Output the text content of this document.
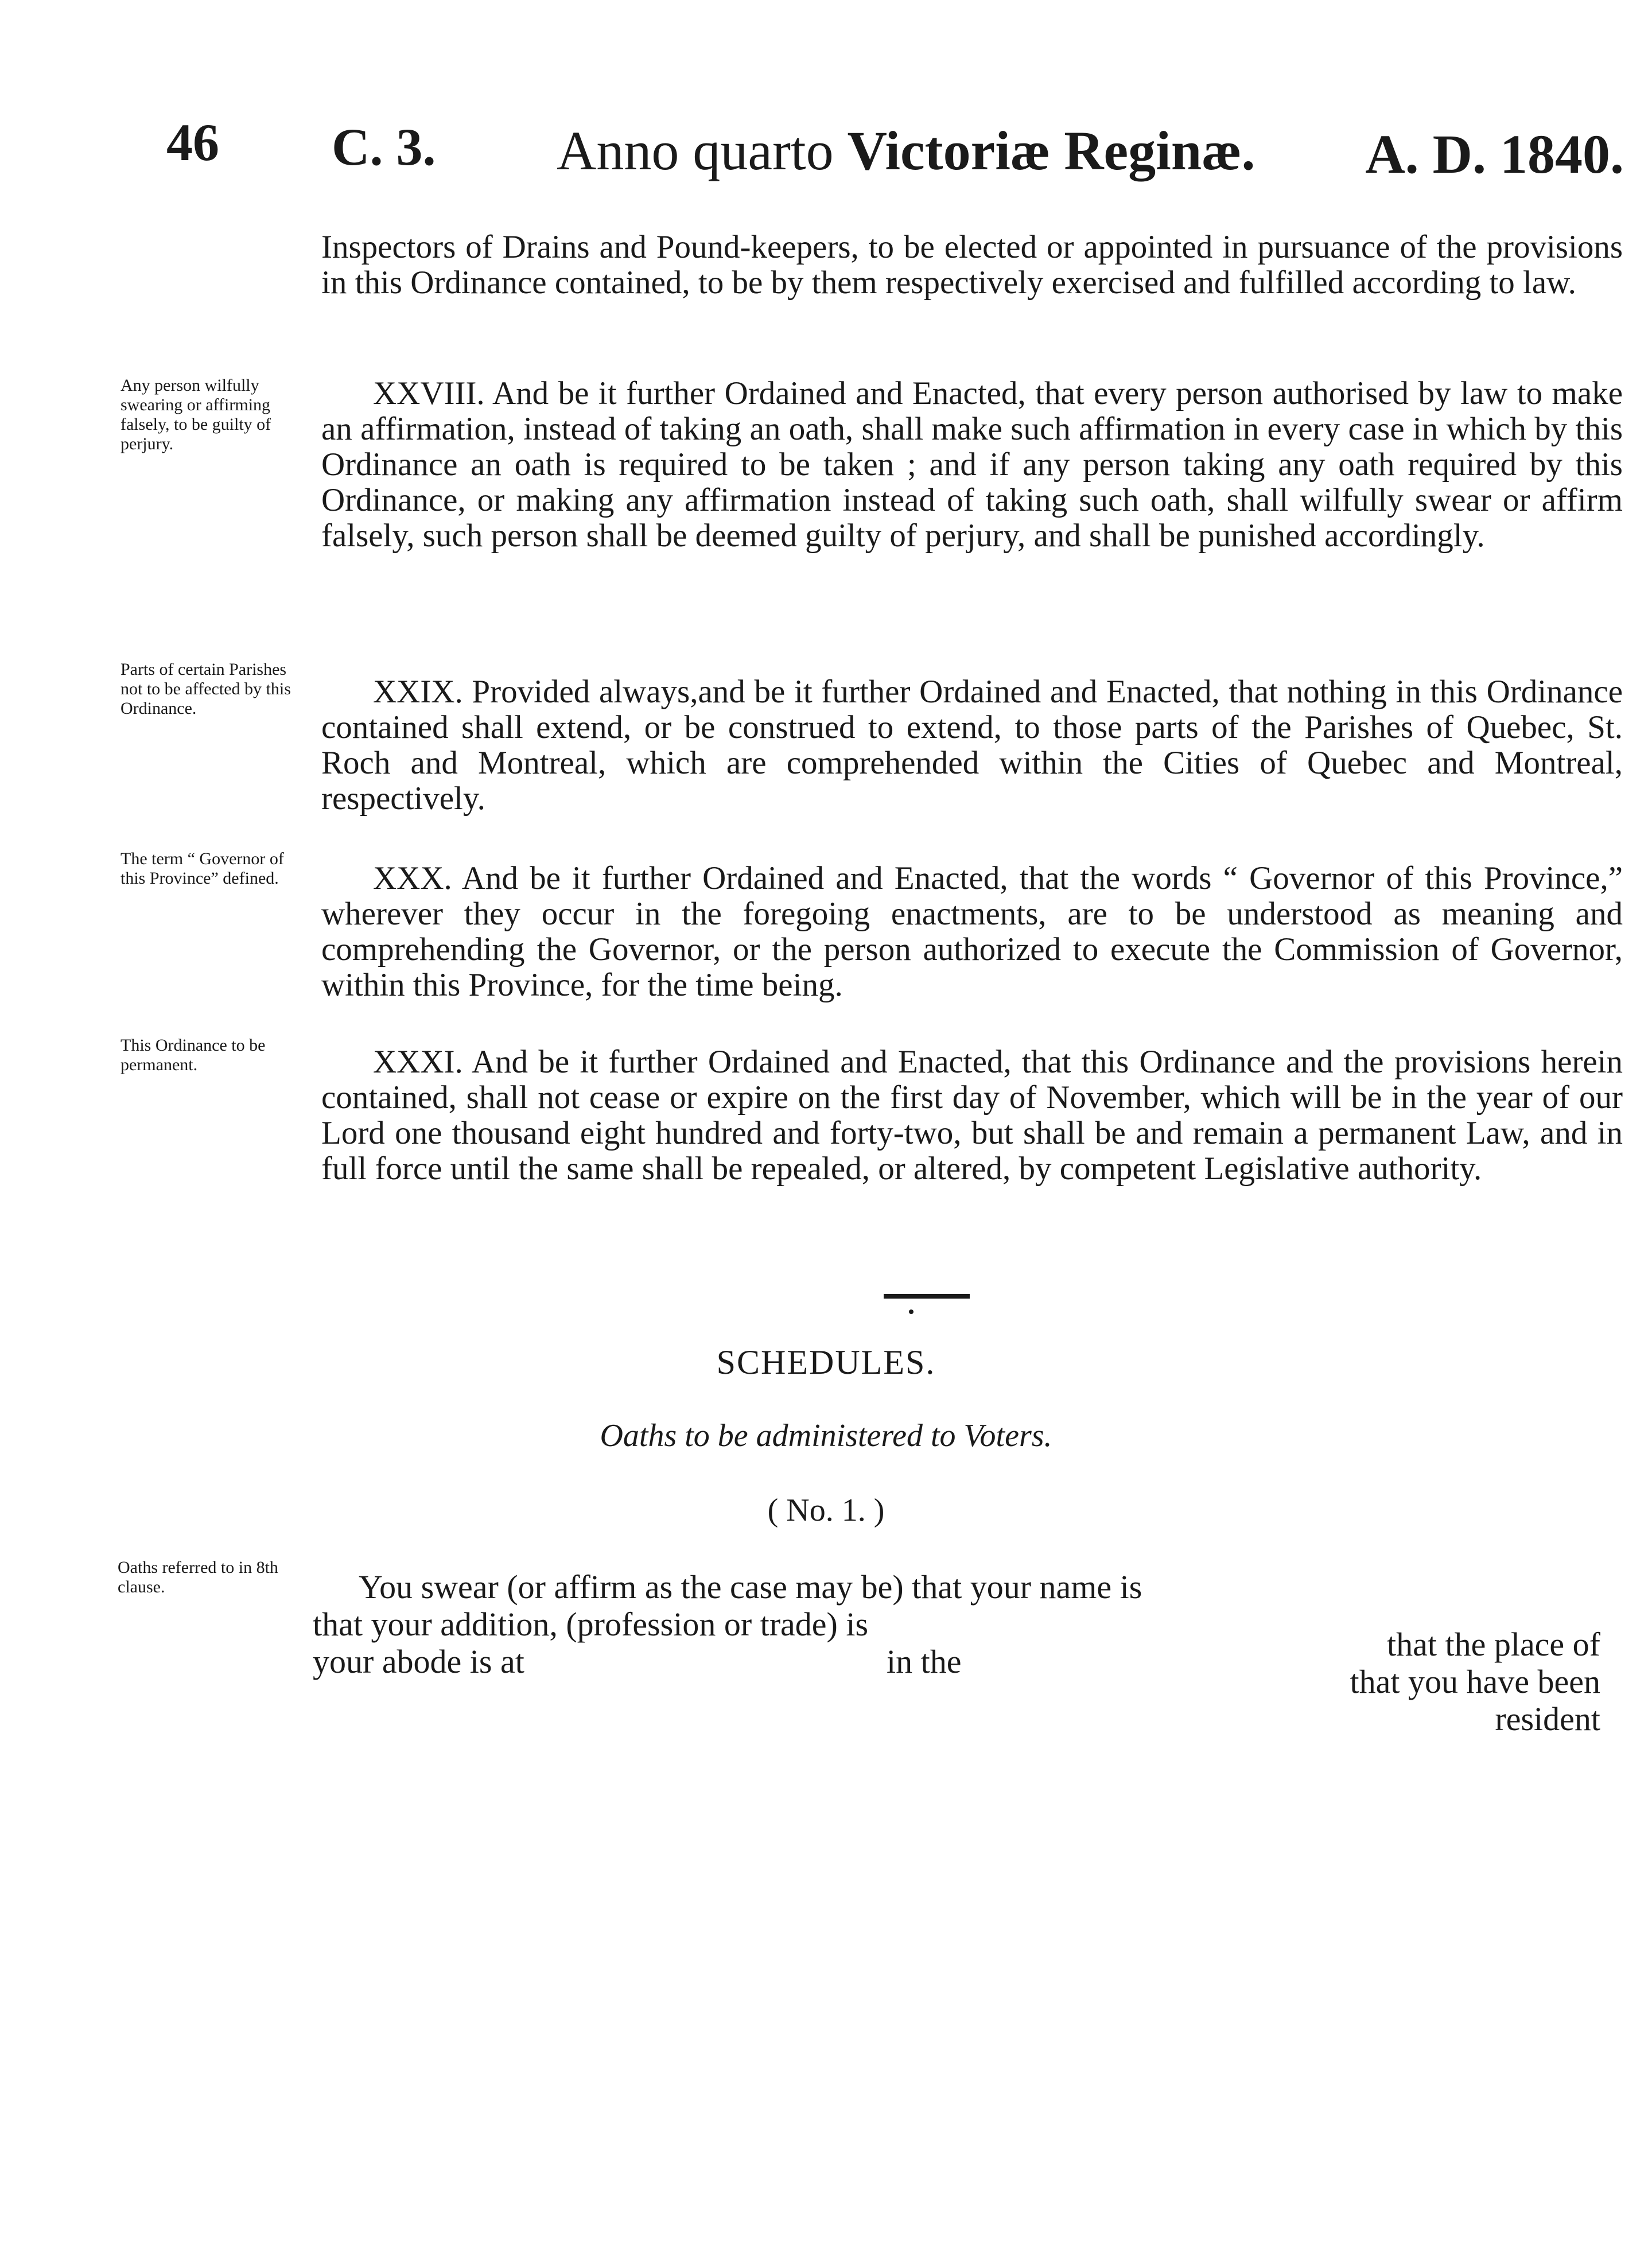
46 C. 3. Anno quarto Victoriæ Reginæ. A. D. 1840.

Inspectors of Drains and Pound-keepers, to be elected or appointed in pursuance of the provisions in this Ordinance contained, to be by them respectively exercised and fulfilled according to law.

Any person wilfully swearing or affirming falsely, to be guilty of perjury.

XXVIII. And be it further Ordained and Enacted, that every person authorised by law to make an affirmation, instead of taking an oath, shall make such affirmation in every case in which by this Ordinance an oath is required to be taken ; and if any person taking any oath required by this Ordinance, or making any affirmation instead of taking such oath, shall wilfully swear or affirm falsely, such person shall be deemed guilty of perjury, and shall be punished accordingly.

Parts of certain Parishes not to be affected by this Ordinance.	XXIX. Provided always,and be it further Ordained and Enacted, that nothing in this Ordinance contained shall extend, or be construed to extend, to those parts of the Parishes of Quebec, St. Roch and Montreal, which are comprehended within the Cities of Quebec and Montreal, respectively.

The term “ Governor of this Province” defined.	XXX. And be it further Ordained and Enacted, that the words “ Governor of this Province,” wherever they occur in the foregoing enactments, are to be understood as meaning and comprehending the Governor, or the person authorized to execute the Commission of Governor, within this Province, for the time being.

This Ordinance to be permanent.	XXXI. And be it further Ordained and Enacted, that this Ordinance and the provisions herein contained, shall not cease or expire on the first day of November, which will be in the year of our Lord one thousand eight hundred and forty-two, but shall be and remain a permanent Law, and in full force until the same shall be repealed, or altered, by competent Legislative authority.

SCHEDULES.
Oaths to be administered to Voters.
( No. 1. )
Oaths referred to in 8th clause.	You swear (or affirm as the case may be) that your name is
that your addition, (profession or trade) is
your abode is at	in the	that the place of
that you have been
resident
